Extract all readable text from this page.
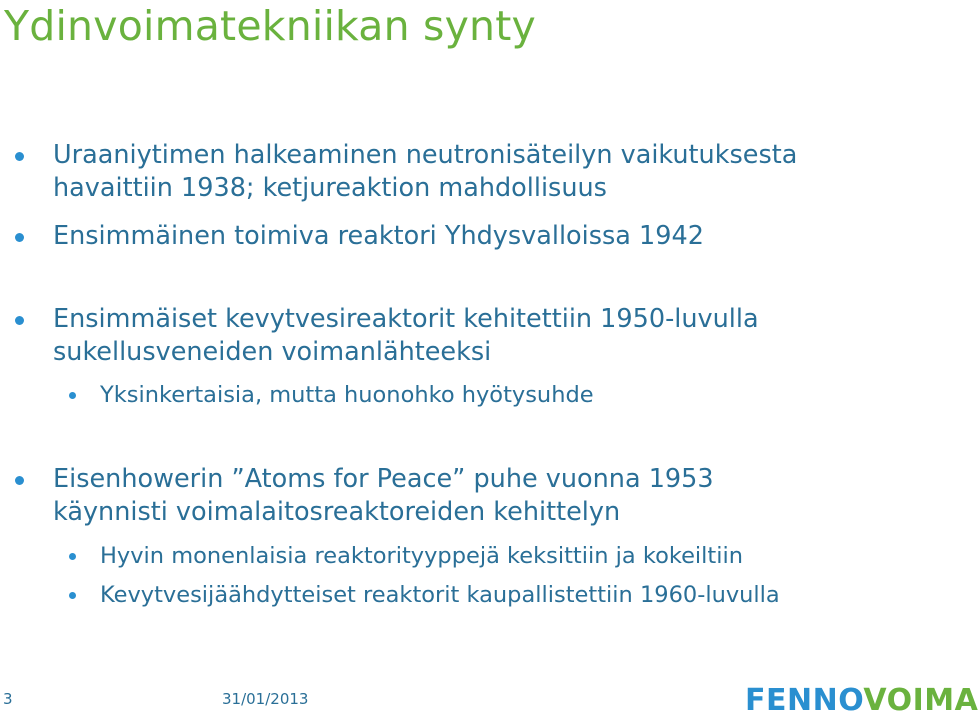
Ydinvoimatekniikan synty
Uraaniytimen halkeaminen neutronisäteilyn vaikutuksesta
havaittiin 1938; ketjureaktion mahdollisuus
Ensimmäinen toimiva reaktori Yhdysvalloissa 1942
Ensimmäiset kevytvesireaktorit kehitettiin 1950-luvulla
sukellusveneiden voimanlähteeksi
Yksinkertaisia, mutta huonohko hyötysuhde
Eisenhowerin ”Atoms for Peace” puhe vuonna 1953
käynnisti voimalaitosreaktoreiden kehittelyn
Hyvin monenlaisia reaktorityyppejä keksittiin ja kokeiltiin
Kevytvesijäähdytteiset reaktorit kaupallistettiin 1960-luvulla
3	31/01/2013	FENNOVOIMA
